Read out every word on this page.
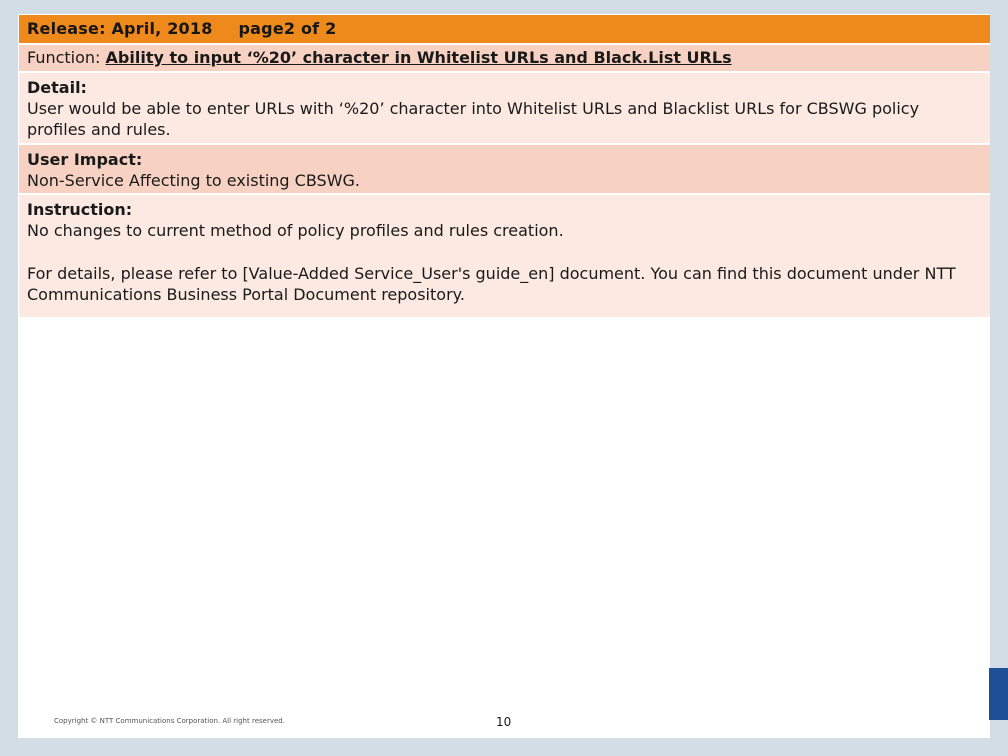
Release: April, 2018 page2 of 2
Function: Ability to input ‘%20’ character in Whitelist URLs and Black.List URLs
Detail:
User would be able to enter URLs with ‘%20’ character into Whitelist URLs and Blacklist URLs for CBSWG policy profiles and rules.
User Impact:
Non-Service Affecting to existing CBSWG.
Instruction:
No changes to current method of policy profiles and rules creation.
For details, please refer to [Value-Added Service_User's guide_en] document. You can find this document under NTT Communications Business Portal Document repository.
Copyright © NTT Communications Corporation. All right reserved.	10
